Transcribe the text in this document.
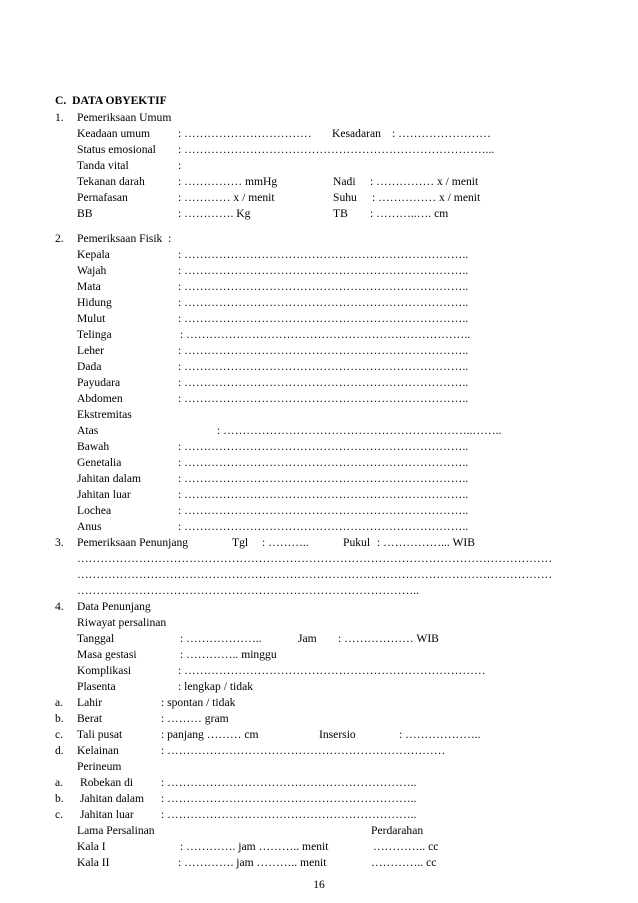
C.  DATA OBYEKTIF
1. Pemeriksaan Umum
Keadaan umum : …………………………… Kesadaran : ……………………
Status emosional : ……………………………………………………………………...
Tanda vital	:
Tekanan darah	: …………… mmHg	Nadi : …………… x / menit
Pernafasan	: ………… x / menit	Suhu : …………… x / menit
BB	: …………. Kg	TB : ………..…. cm
2. Pemeriksaan Fisik  :
Kepala	: ………………………………………………………………..
Wajah	: ………………………………………………………………..
Mata	: ………………………………………………………………..
Hidung	: ………………………………………………………………..
Mulut	: ………………………………………………………………..
Telinga	: ………………………………………………………………..
Leher	: ………………………………………………………………..
Dada	: ………………………………………………………………..
Payudara	: ………………………………………………………………..
Abdomen	: ………………………………………………………………..
Ekstremitas
Atas	: ………………………………………………………..……..
Bawah	: ………………………………………………………………..
Genetalia	: ………………………………………………………………..
Jahitan dalam	: ………………………………………………………………..
Jahitan luar	: ………………………………………………………………..
Lochea	: ………………………………………………………………..
Anus	: ………………………………………………………………..
3. Pemeriksaan Penunjang	Tgl : ………..	Pukul : ……………... WIB
……………………………………………………………………………………………………………
……………………………………………………………………………………………………………
……………………………………………………………………………..
4. Data Penunjang
Riwayat persalinan
Tanggal	: ………………..	Jam : ……………… WIB
Masa gestasi	: ………….. minggu
Komplikasi	: ……………………………………………………………………
Plasenta	: lengkap / tidak
a. Lahir	: spontan / tidak
b. Berat	: ……… gram
c. Tali pusat	: panjang ……… cm	Insersio	: ………………..
d. Kelainan	: ………………………………………………………………
Perineum
a. Robekan di : ………………………………………………………..
b. Jahitan dalam : ………………………………………………………..
c. Jahitan luar : ………………………………………………………..
Lama Persalinan	Perdarahan
Kala I	: …………. jam ……….. menit	………….. cc
Kala II	: …………. jam ……….. menit	………….. cc
16
